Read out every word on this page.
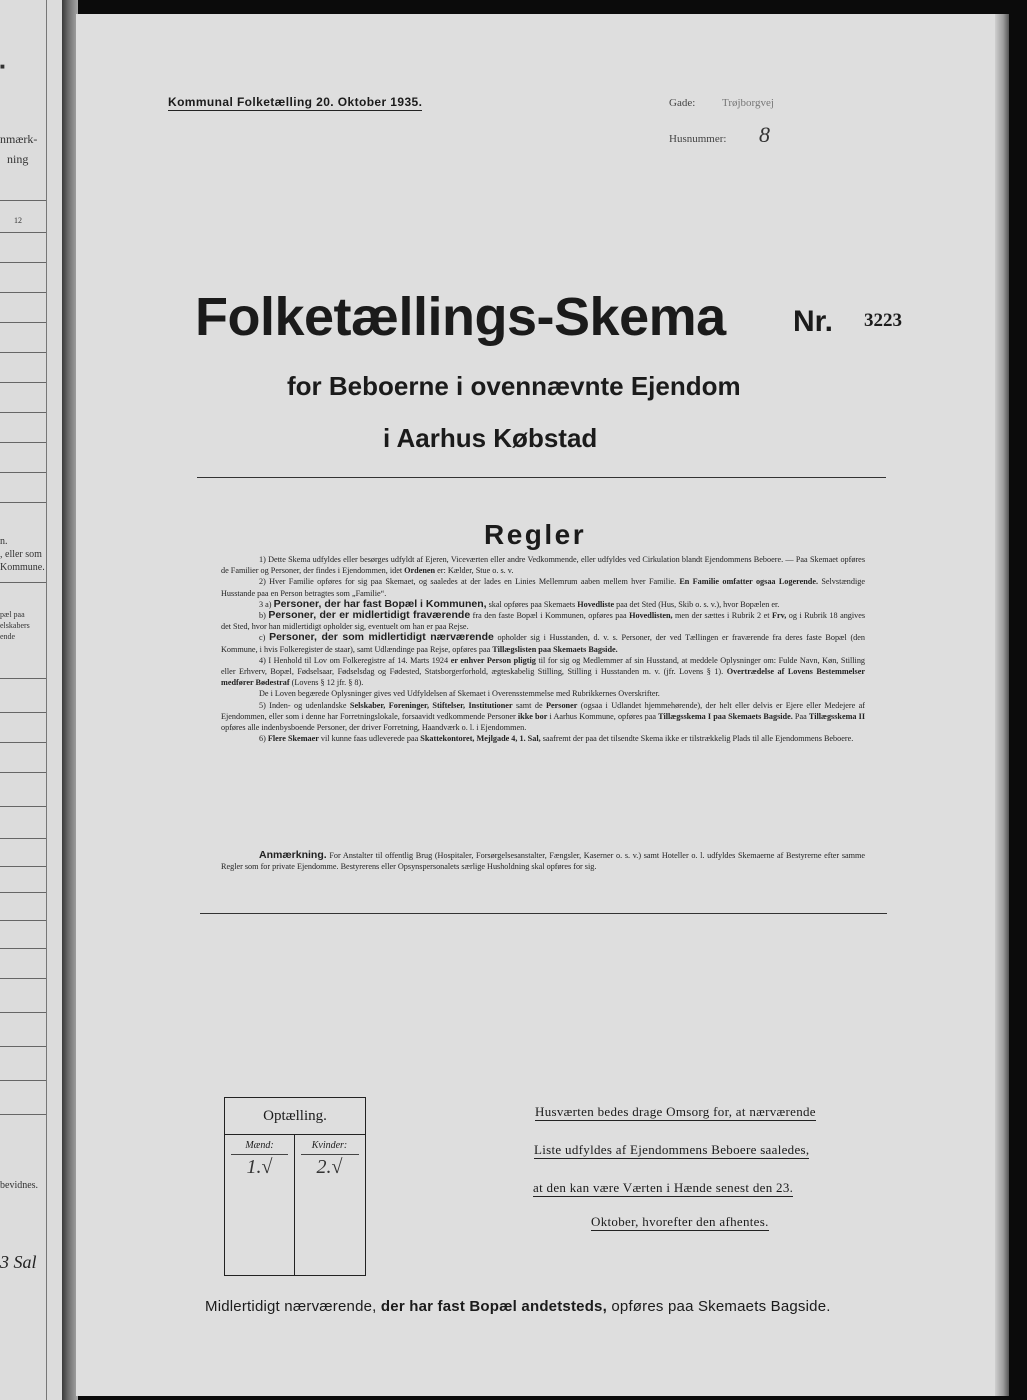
■
nmærk-
ning
12
n.
, eller som
Kommune.
pæl paa
elskabers
ende
bevidnes.
3 Sal
Kommunal Folketælling 20. Oktober 1935.	Gade: Trøjborgvej
Husnummer: 8
Folketællings-Skema Nr. 3223
for Beboerne i ovennævnte Ejendom
i Aarhus Købstad
Regler

1) Dette Skema udfyldes eller besørges udfyldt af Ejeren, Viceværten eller andre Vedkommende, eller udfyldes ved Cirkulation blandt Ejendommens Beboere. — Paa Skemaet opføres de Familier og Personer, der findes i Ejendommen, idet Ordenen er: Kælder, Stue o. s. v.

2) Hver Familie opføres for sig paa Skemaet, og saaledes at der lades en Linies Mellemrum aaben mellem hver Familie. En Familie omfatter ogsaa Logerende. Selvstændige Husstande paa en Person betragtes som „Familie“.

3 a) Personer, der har fast Bopæl i Kommunen, skal opføres paa Skemaets Hovedliste paa det Sted (Hus, Skib o. s. v.), hvor Bopælen er.

b) Personer, der er midlertidigt fraværende fra den faste Bopæl i Kommunen, opføres paa Hovedlisten, men der sættes i Rubrik 2 et Frv, og i Rubrik 18 angives det Sted, hvor han midlertidigt opholder sig, eventuelt om han er paa Rejse.

c) Personer, der som midlertidigt nærværende opholder sig i Husstanden, d. v. s. Personer, der ved Tællingen er fraværende fra deres faste Bopæl (den Kommune, i hvis Folkeregister de staar), samt Udlændinge paa Rejse, opføres paa Tillægslisten paa Skemaets Bagside.

4) I Henhold til Lov om Folkeregistre af 14. Marts 1924 er enhver Person pligtig til for sig og Medlemmer af sin Husstand, at meddele Oplysninger om: Fulde Navn, Køn, Stilling eller Erhverv, Bopæl, Fødselsaar, Fødselsdag og Fødested, Statsborgerforhold, ægteskabelig Stilling, Stilling i Husstanden m. v. (jfr. Lovens § 1). Overtrædelse af Lovens Bestemmelser medfører Bødestraf (Lovens § 12 jfr. § 8).

De i Loven begærede Oplysninger gives ved Udfyldelsen af Skemaet i Overensstemmelse med Rubrikkernes Overskrifter.

5) Inden- og udenlandske Selskaber, Foreninger, Stiftelser, Institutioner samt de Personer (ogsaa i Udlandet hjemmehørende), der helt eller delvis er Ejere eller Medejere af Ejendommen, eller som i denne har Forretningslokale, forsaavidt vedkommende Personer ikke bor i Aarhus Kommune, opføres paa Tillægsskema I paa Skemaets Bagside. Paa Tillægsskema II opføres alle indenbysboende Personer, der driver Forretning, Haandværk o. l. i Ejendommen.

6) Flere Skemaer vil kunne faas udleverede paa Skattekontoret, Mejlgade 4, 1. Sal, saafremt der paa det tilsendte Skema ikke er tilstrækkelig Plads til alle Ejendommens Beboere.

Anmærkning. For Anstalter til offentlig Brug (Hospitaler, Forsørgelsesanstalter, Fængsler, Kaserner o. s. v.) samt Hoteller o. l. udfyldes Skemaerne af Bestyrerne efter samme Regler som for private Ejendomme. Bestyrerens eller Opsynspersonalets særlige Husholdning skal opføres for sig.

Optælling.
Mænd:	Kvinder:
1.√	2.√
Husværten bedes drage Omsorg for, at nærværende
Liste udfyldes af Ejendommens Beboere saaledes,
at den kan være Værten i Hænde senest den 23.
Oktober, hvorefter den afhentes.
Midlertidigt nærværende, der har fast Bopæl andetsteds, opføres paa Skemaets Bagside.
